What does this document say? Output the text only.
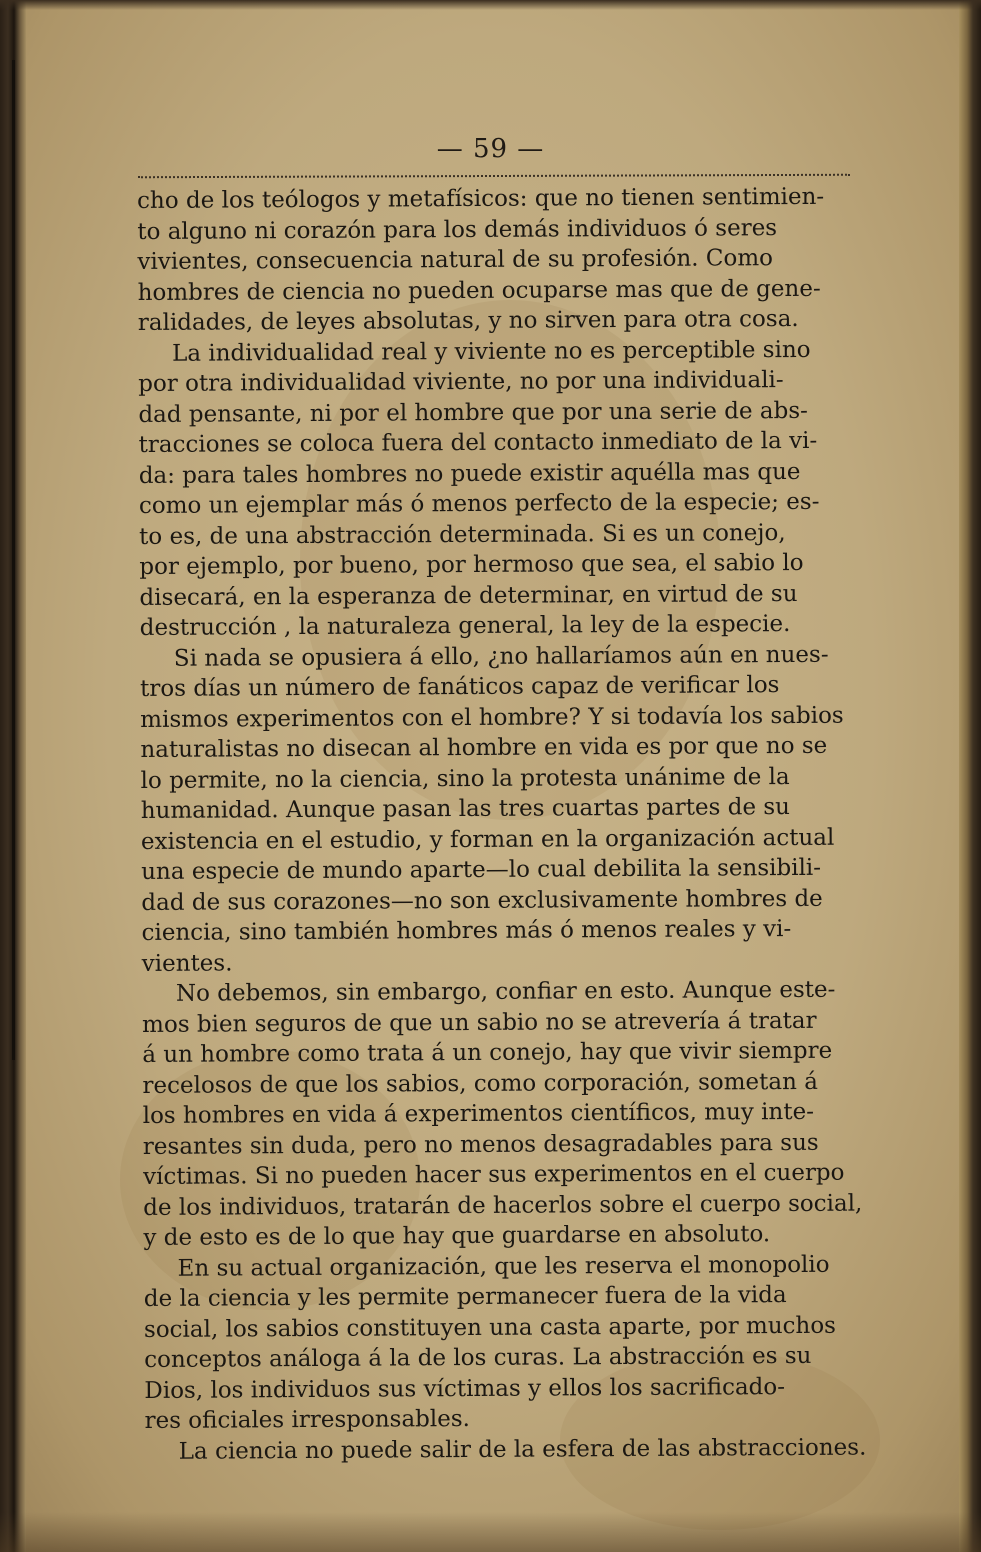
— 59 —
cho de los teólogos y metafísicos: que no tienen sentimien-
to alguno ni corazón para los demás individuos ó seres
vivientes, consecuencia natural de su profesión. Como
hombres de ciencia no pueden ocuparse mas que de gene-
ralidades, de leyes absolutas, y no sirven para otra cosa.
La individualidad real y viviente no es perceptible sino
por otra individualidad viviente, no por una individuali-
dad pensante, ni por el hombre que por una serie de abs-
tracciones se coloca fuera del contacto inmediato de la vi-
da: para tales hombres no puede existir aquélla mas que
como un ejemplar más ó menos perfecto de la especie; es-
to es, de una abstracción determinada. Si es un conejo,
por ejemplo, por bueno, por hermoso que sea, el sabio lo
disecará, en la esperanza de determinar, en virtud de su
destrucción , la naturaleza general, la ley de la especie.
Si nada se opusiera á ello, ¿no hallaríamos aún en nues-
tros días un número de fanáticos capaz de verificar los
mismos experimentos con el hombre? Y si todavía los sabios
naturalistas no disecan al hombre en vida es por que no se
lo permite, no la ciencia, sino la protesta unánime de la
humanidad. Aunque pasan las tres cuartas partes de su
existencia en el estudio, y forman en la organización actual
una especie de mundo aparte—lo cual debilita la sensibili-
dad de sus corazones—no son exclusivamente hombres de
ciencia, sino también hombres más ó menos reales y vi-
vientes.
No debemos, sin embargo, confiar en esto. Aunque este-
mos bien seguros de que un sabio no se atrevería á tratar
á un hombre como trata á un conejo, hay que vivir siempre
recelosos de que los sabios, como corporación, sometan á
los hombres en vida á experimentos científicos, muy inte-
resantes sin duda, pero no menos desagradables para sus
víctimas. Si no pueden hacer sus experimentos en el cuerpo
de los individuos, tratarán de hacerlos sobre el cuerpo social,
y de esto es de lo que hay que guardarse en absoluto.
En su actual organización, que les reserva el monopolio
de la ciencia y les permite permanecer fuera de la vida
social, los sabios constituyen una casta aparte, por muchos
conceptos análoga á la de los curas. La abstracción es su
Dios, los individuos sus víctimas y ellos los sacrificado-
res oficiales irresponsables.
La ciencia no puede salir de la esfera de las abstracciones.
